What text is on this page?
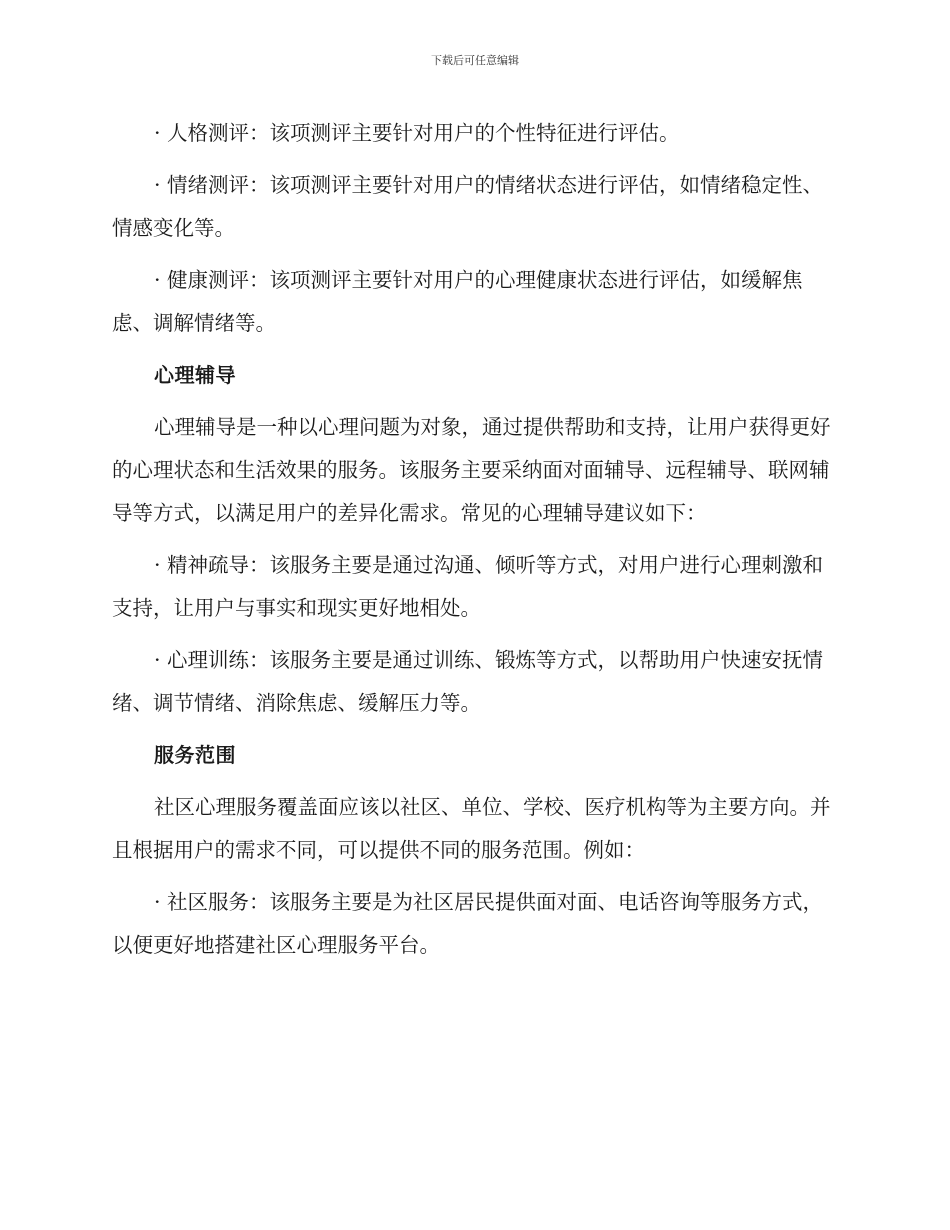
下载后可任意编辑

· 人格测评：该项测评主要针对用户的个性特征进行评估。

· 情绪测评：该项测评主要针对用户的情绪状态进行评估，如情绪稳定性、情感变化等。

· 健康测评：该项测评主要针对用户的心理健康状态进行评估，如缓解焦虑、调解情绪等。

心理辅导

心理辅导是一种以心理问题为对象，通过提供帮助和支持，让用户获得更好的心理状态和生活效果的服务。该服务主要采纳面对面辅导、远程辅导、联网辅导等方式，以满足用户的差异化需求。常见的心理辅导建议如下：

· 精神疏导：该服务主要是通过沟通、倾听等方式，对用户进行心理刺激和支持，让用户与事实和现实更好地相处。

· 心理训练：该服务主要是通过训练、锻炼等方式，以帮助用户快速安抚情绪、调节情绪、消除焦虑、缓解压力等。

服务范围

社区心理服务覆盖面应该以社区、单位、学校、医疗机构等为主要方向。并且根据用户的需求不同，可以提供不同的服务范围。例如：

· 社区服务：该服务主要是为社区居民提供面对面、电话咨询等服务方式，以便更好地搭建社区心理服务平台。
